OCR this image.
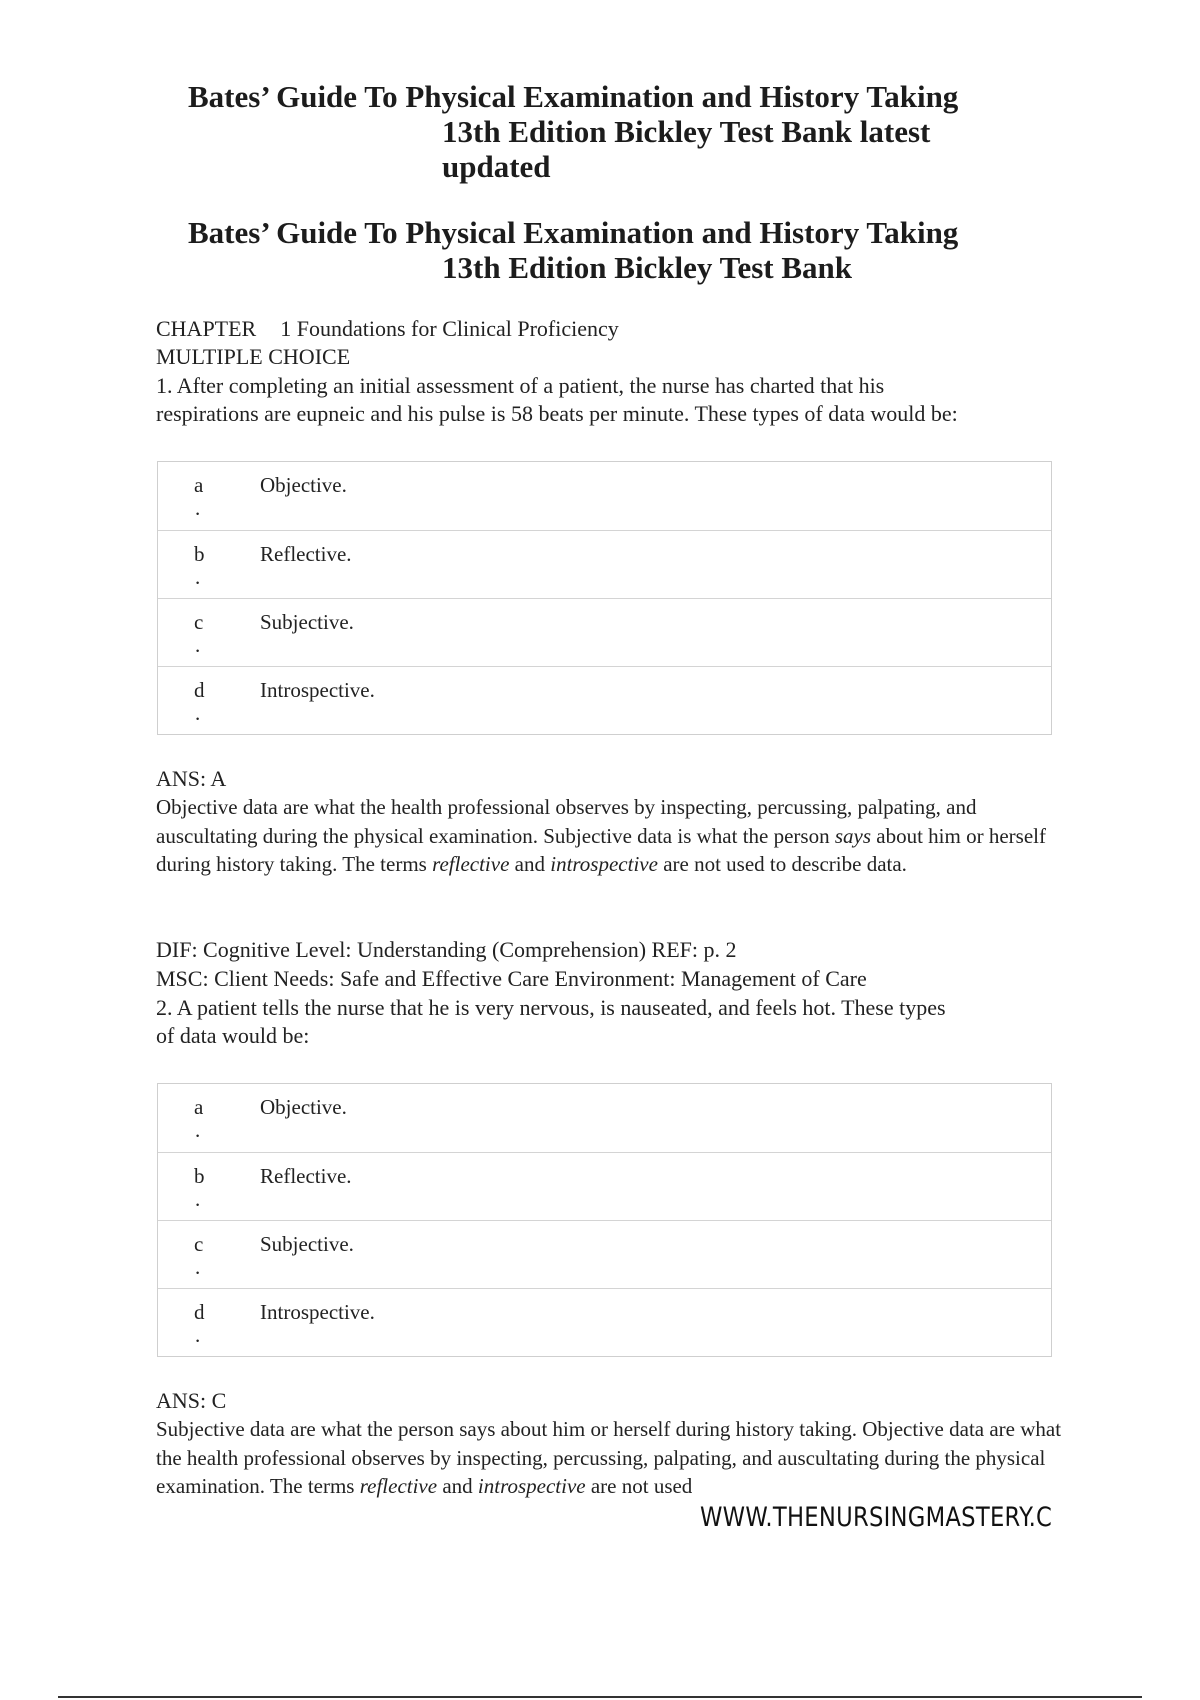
Bates’ Guide To Physical Examination and History Taking
13th Edition Bickley Test Bank latest
updated
Bates’ Guide To Physical Examination and History Taking
13th Edition Bickley Test Bank
CHAPTER 1 Foundations for Clinical Proficiency
MULTIPLE CHOICE
1. After completing an initial assessment of a patient, the nurse has charted that his
respirations are eupneic and his pulse is 58 beats per minute. These types of data would be:
a
.
Objective.
b
.
Reflective.
c
.
Subjective.
d
.
Introspective.
ANS: A
Objective data are what the health professional observes by inspecting, percussing, palpating, and auscultating during the physical examination. Subjective data is what the person says about him or herself during history taking. The terms reflective and introspective are not used to describe data.
DIF: Cognitive Level: Understanding (Comprehension) REF: p. 2
MSC: Client Needs: Safe and Effective Care Environment: Management of Care
2. A patient tells the nurse that he is very nervous, is nauseated, and feels hot. These types
of data would be:
a
.
Objective.
b
.
Reflective.
c
.
Subjective.
d
.
Introspective.
ANS: C
Subjective data are what the person says about him or herself during history taking. Objective data are what the health professional observes by inspecting, percussing, palpating, and auscultating during the physical examination. The terms reflective and introspective are not used
WWW.THENURSINGMASTERY.C
